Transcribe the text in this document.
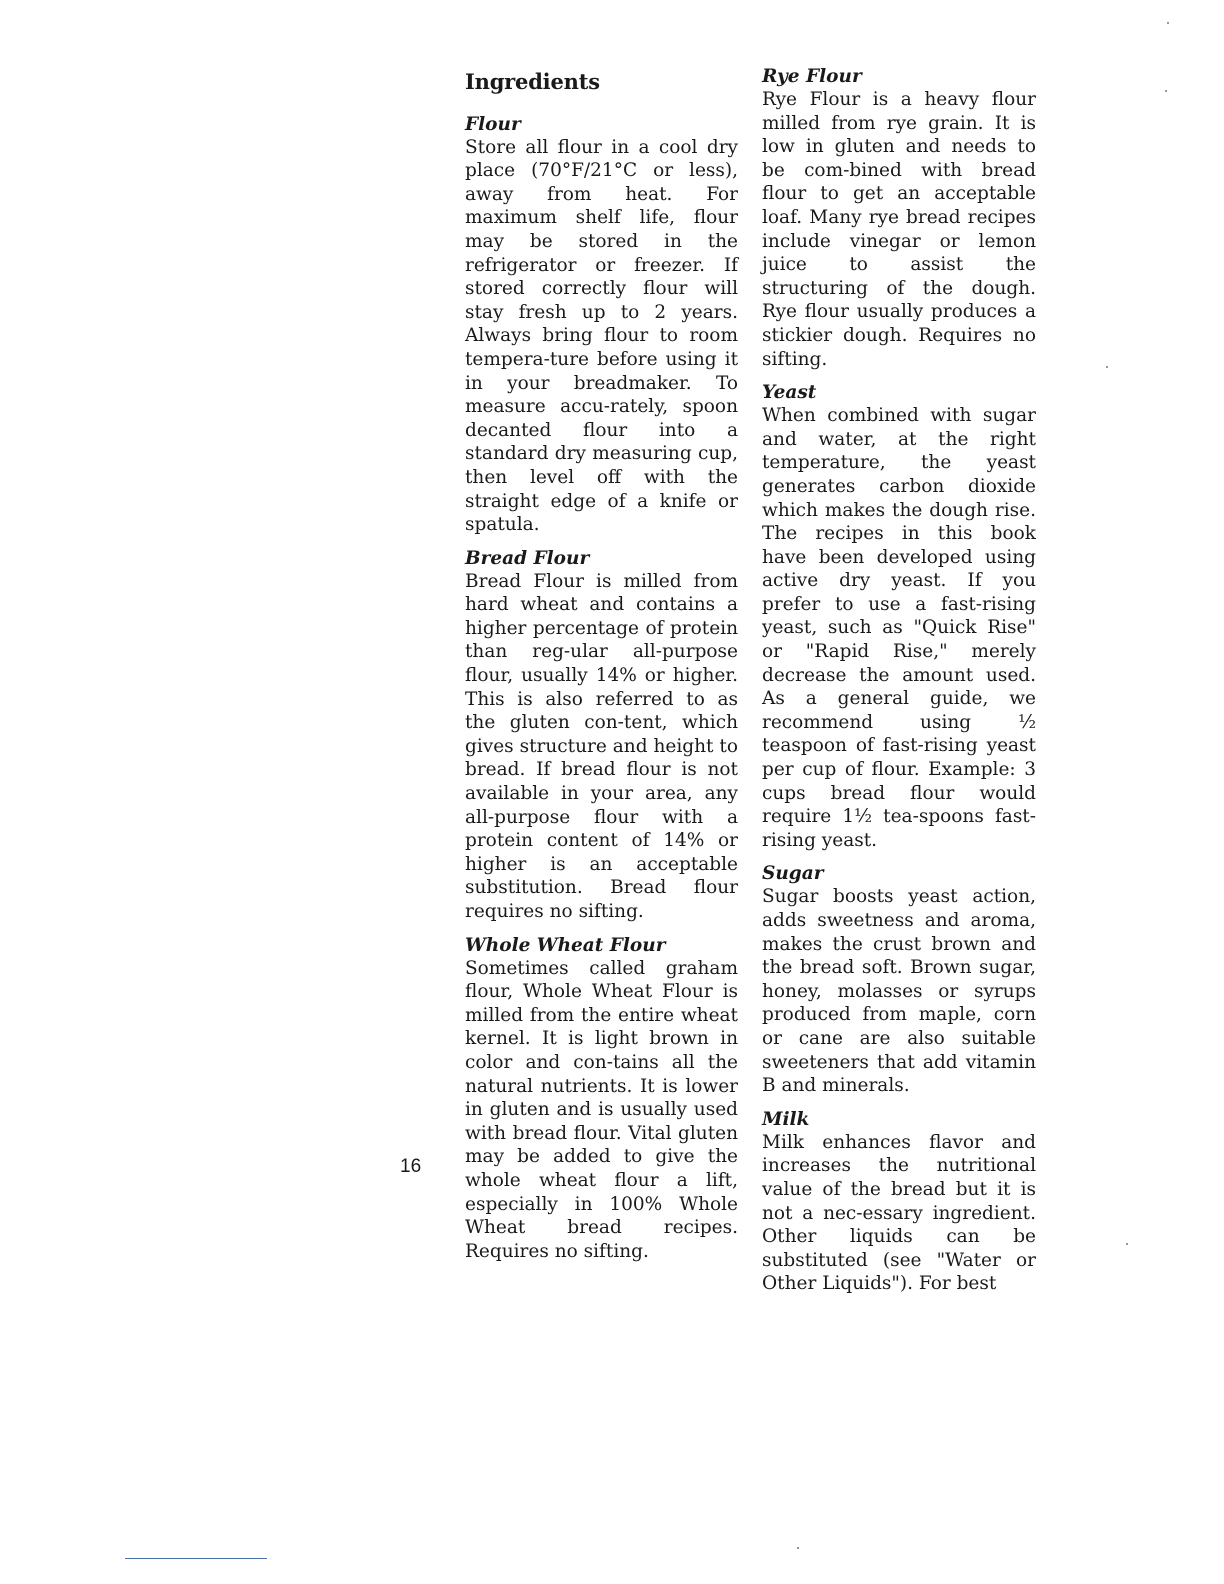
Ingredients
Flour

Store all flour in a cool dry place (70°F/21°C or less), away from heat. For maximum shelf life, flour may be stored in the refrigerator or freezer. If stored correctly flour will stay fresh up to 2 years. Always bring flour to room tempera-ture before using it in your breadmaker. To measure accu-rately, spoon decanted flour into a standard dry measuring cup, then level off with the straight edge of a knife or spatula.

Bread Flour

Bread Flour is milled from hard wheat and contains a higher percentage of protein than reg-ular all-purpose flour, usually 14% or higher. This is also referred to as the gluten con-tent, which gives structure and height to bread. If bread flour is not available in your area, any all-purpose flour with a protein content of 14% or higher is an acceptable substitution. Bread flour requires no sifting.

Whole Wheat Flour

Sometimes called graham flour, Whole Wheat Flour is milled from the entire wheat kernel. It is light brown in color and con-tains all the natural nutrients. It is lower in gluten and is usually used with bread flour. Vital gluten may be added to give the whole wheat flour a lift, especially in 100% Whole Wheat bread recipes. Requires no sifting.

Rye Flour

Rye Flour is a heavy flour milled from rye grain. It is low in gluten and needs to be com-bined with bread flour to get an acceptable loaf. Many rye bread recipes include vinegar or lemon juice to assist the structuring of the dough. Rye flour usually produces a stickier dough. Requires no sifting.

Yeast

When combined with sugar and water, at the right temperature, the yeast generates carbon dioxide which makes the dough rise. The recipes in this book have been developed using active dry yeast. If you prefer to use a fast-rising yeast, such as "Quick Rise" or "Rapid Rise," merely decrease the amount used. As a general guide, we recommend using ½ teaspoon of fast-rising yeast per cup of flour. Example: 3 cups bread flour would require 1½ tea-spoons fast-rising yeast.

Sugar

Sugar boosts yeast action, adds sweetness and aroma, makes the crust brown and the bread soft. Brown sugar, honey, molasses or syrups produced from maple, corn or cane are also suitable sweeteners that add vitamin B and minerals.

Milk

Milk enhances flavor and increases the nutritional value of the bread but it is not a nec-essary ingredient. Other liquids can be substituted (see "Water or Other Liquids"). For best

16
